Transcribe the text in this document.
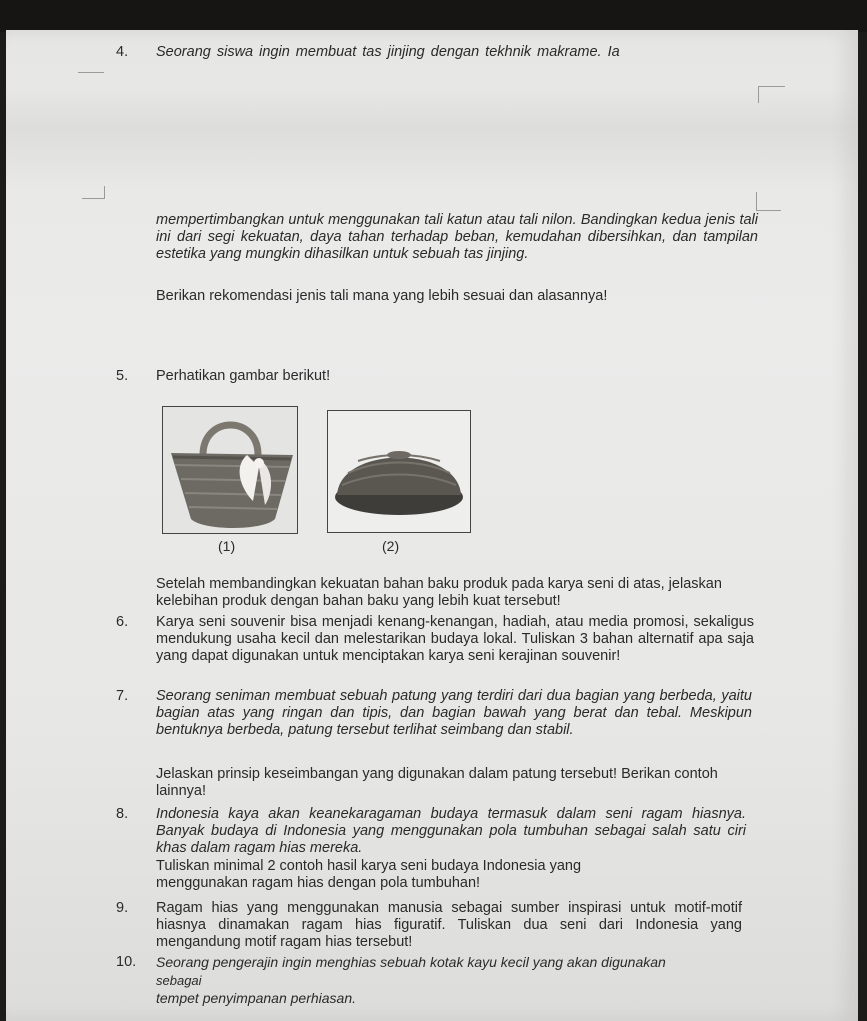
4. Seorang siswa ingin membuat tas jinjing dengan tekhnik makrame. Ia
mempertimbangkan untuk menggunakan tali katun atau tali nilon. Bandingkan kedua jenis tali ini dari segi kekuatan, daya tahan terhadap beban, kemudahan dibersihkan, dan tampilan estetika yang mungkin dihasilkan untuk sebuah tas jinjing.
Berikan rekomendasi jenis tali mana yang lebih sesuai dan alasannya!
5. Perhatikan gambar berikut!
(1)	(2)
Setelah membandingkan kekuatan bahan baku produk pada karya seni di atas, jelaskan kelebihan produk dengan bahan baku yang lebih kuat tersebut!
6. Karya seni souvenir bisa menjadi kenang-kenangan, hadiah, atau media promosi, sekaligus mendukung usaha kecil dan melestarikan budaya lokal. Tuliskan 3 bahan alternatif apa saja yang dapat digunakan untuk menciptakan karya seni kerajinan souvenir!
7. Seorang seniman membuat sebuah patung yang terdiri dari dua bagian yang berbeda, yaitu bagian atas yang ringan dan tipis, dan bagian bawah yang berat dan tebal. Meskipun bentuknya berbeda, patung tersebut terlihat seimbang dan stabil.
Jelaskan prinsip keseimbangan yang digunakan dalam patung tersebut! Berikan contoh lainnya!
8. Indonesia kaya akan keanekaragaman budaya termasuk dalam seni ragam hiasnya. Banyak budaya di Indonesia yang menggunakan pola tumbuhan sebagai salah satu ciri khas dalam ragam hias mereka.
Tuliskan minimal 2 contoh hasil karya seni budaya Indonesia yang menggunakan ragam hias dengan pola tumbuhan!
9. Ragam hias yang menggunakan manusia sebagai sumber inspirasi untuk motif-motif hiasnya dinamakan ragam hias figuratif. Tuliskan dua seni dari Indonesia yang mengandung motif ragam hias tersebut!
10. Seorang pengerajin ingin menghias sebuah kotak kayu kecil yang akan digunakan
sebagai
tempet penyimpanan perhiasan.
